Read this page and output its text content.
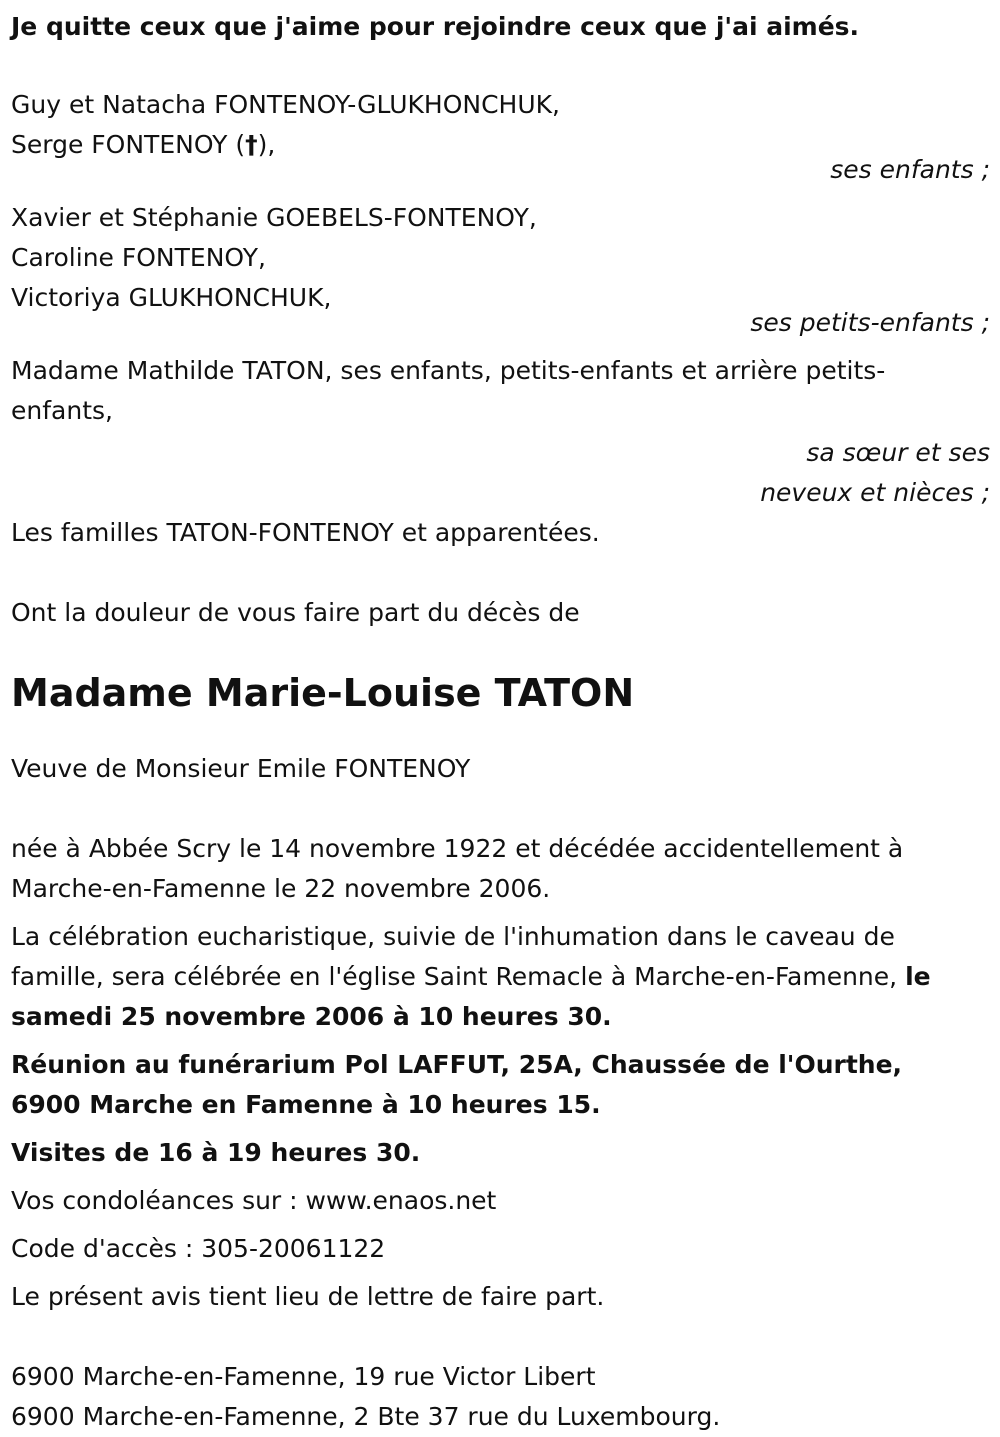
Je quitte ceux que j'aime pour rejoindre ceux que j'ai aimés.
Guy et Natacha FONTENOY-GLUKHONCHUK,
Serge FONTENOY (†),
ses enfants ;
Xavier et Stéphanie GOEBELS-FONTENOY,
Caroline FONTENOY,
Victoriya GLUKHONCHUK,
ses petits-enfants ;
Madame Mathilde TATON, ses enfants, petits-enfants et arrière petits-enfants,
sa sœur et ses
neveux et nièces ;
Les familles TATON-FONTENOY et apparentées.
Ont la douleur de vous faire part du décès de
Madame Marie-Louise TATON
Veuve de Monsieur Emile FONTENOY
née à Abbée Scry le 14 novembre 1922 et décédée accidentellement à Marche-en-Famenne le 22 novembre 2006.
La célébration eucharistique, suivie de l'inhumation dans le caveau de famille, sera célébrée en l'église Saint Remacle à Marche-en-Famenne, le samedi 25 novembre 2006 à 10 heures 30.
Réunion au funérarium Pol LAFFUT, 25A, Chaussée de l'Ourthe, 6900 Marche en Famenne à 10 heures 15.
Visites de 16 à 19 heures 30.
Vos condoléances sur : www.enaos.net
Code d'accès : 305-20061122
Le présent avis tient lieu de lettre de faire part.
6900 Marche-en-Famenne, 19 rue Victor Libert
6900 Marche-en-Famenne, 2 Bte 37 rue du Luxembourg.
